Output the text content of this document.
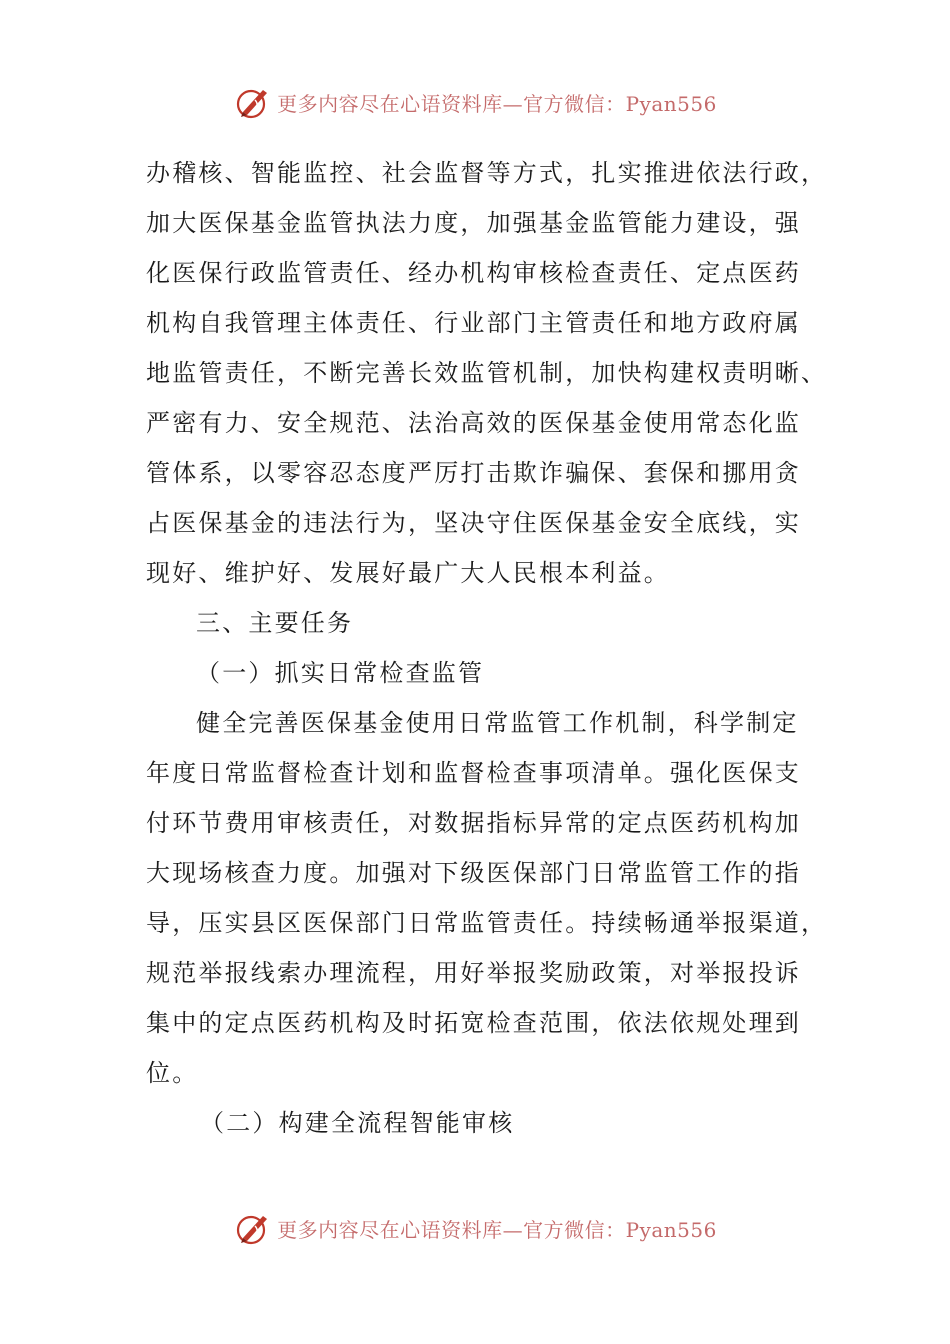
更多内容尽在心语资料库—官方微信：Pyan556
办稽核、智能监控、社会监督等方式，扎实推进依法行政，
加大医保基金监管执法力度，加强基金监管能力建设，强
化医保行政监管责任、经办机构审核检查责任、定点医药
机构自我管理主体责任、行业部门主管责任和地方政府属
地监管责任，不断完善长效监管机制，加快构建权责明晰、
严密有力、安全规范、法治高效的医保基金使用常态化监
管体系，以零容忍态度严厉打击欺诈骗保、套保和挪用贪
占医保基金的违法行为，坚决守住医保基金安全底线，实
现好、维护好、发展好最广大人民根本利益。
三、主要任务
（一）抓实日常检查监管
健全完善医保基金使用日常监管工作机制，科学制定
年度日常监督检查计划和监督检查事项清单。强化医保支
付环节费用审核责任，对数据指标异常的定点医药机构加
大现场核查力度。加强对下级医保部门日常监管工作的指
导，压实县区医保部门日常监管责任。持续畅通举报渠道，
规范举报线索办理流程，用好举报奖励政策，对举报投诉
集中的定点医药机构及时拓宽检查范围，依法依规处理到
位。
（二）构建全流程智能审核
更多内容尽在心语资料库—官方微信：Pyan556
